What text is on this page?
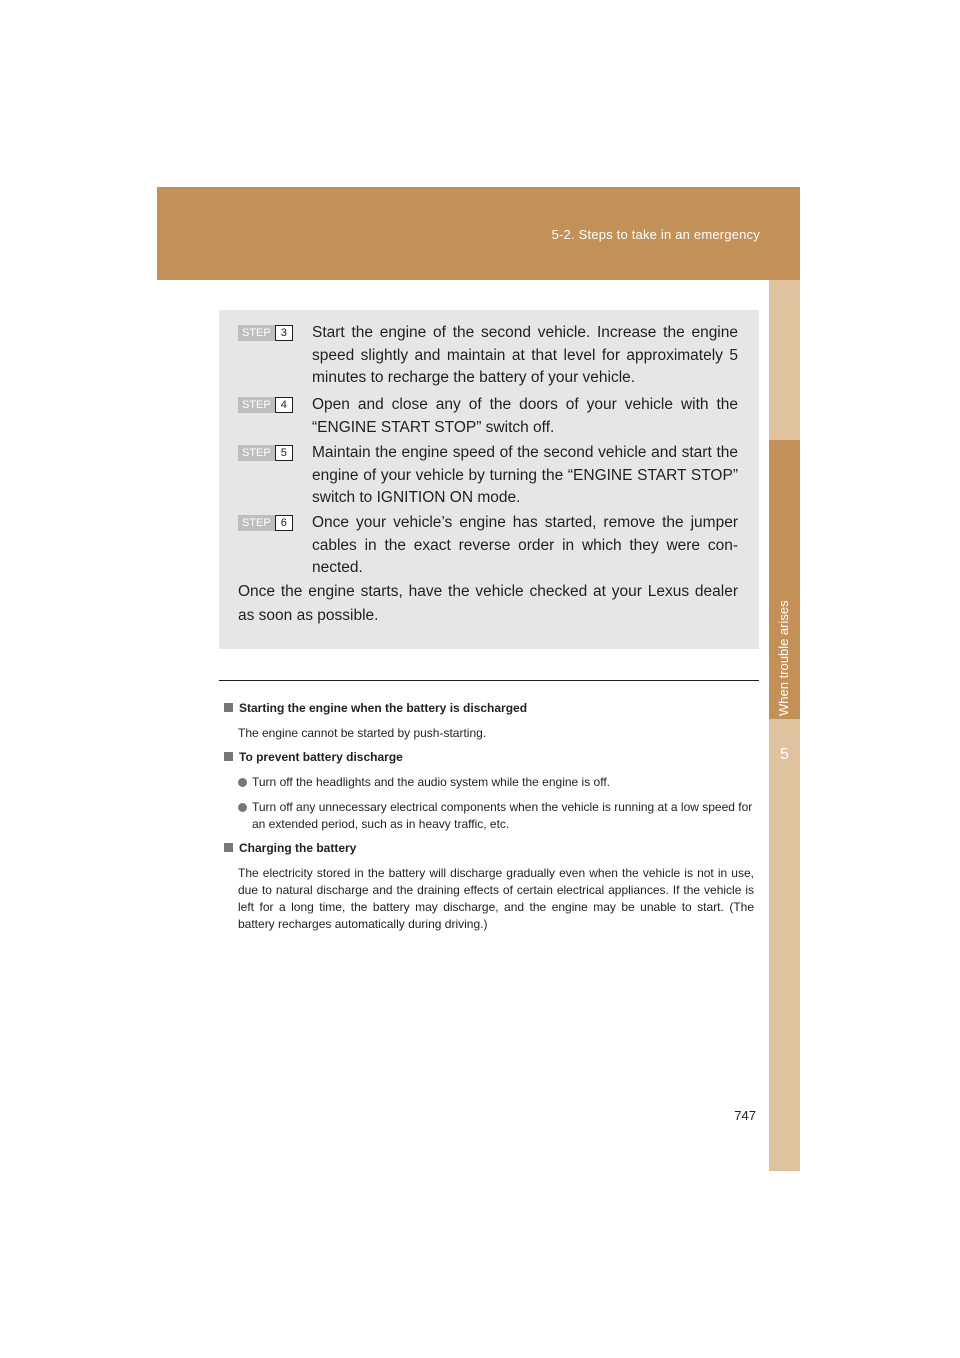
5-2. Steps to take in an emergency
5
When trouble arises
STEP 3	Start the engine of the second vehicle. Increase the engine speed slightly and maintain at that level for approximately 5 minutes to recharge the battery of your vehicle.
STEP 4	Open and close any of the doors of your vehicle with the “ENGINE START STOP” switch off.
STEP 5	Maintain the engine speed of the second vehicle and start the engine of your vehicle by turning the “ENGINE START STOP” switch to IGNITION ON mode.
STEP 6	Once your vehicle’s engine has started, remove the jumper cables in the exact reverse order in which they were con-nected.
Once the engine starts, have the vehicle checked at your Lexus dealer as soon as possible.
Starting the engine when the battery is discharged
The engine cannot be started by push-starting.
To prevent battery discharge
Turn off the headlights and the audio system while the engine is off.
Turn off any unnecessary electrical components when the vehicle is running at a low speed for an extended period, such as in heavy traffic, etc.
Charging the battery
The electricity stored in the battery will discharge gradually even when the vehicle is not in use, due to natural discharge and the draining effects of certain electrical appliances. If the vehicle is left for a long time, the battery may discharge, and the engine may be unable to start. (The battery recharges automatically during driving.)
747
